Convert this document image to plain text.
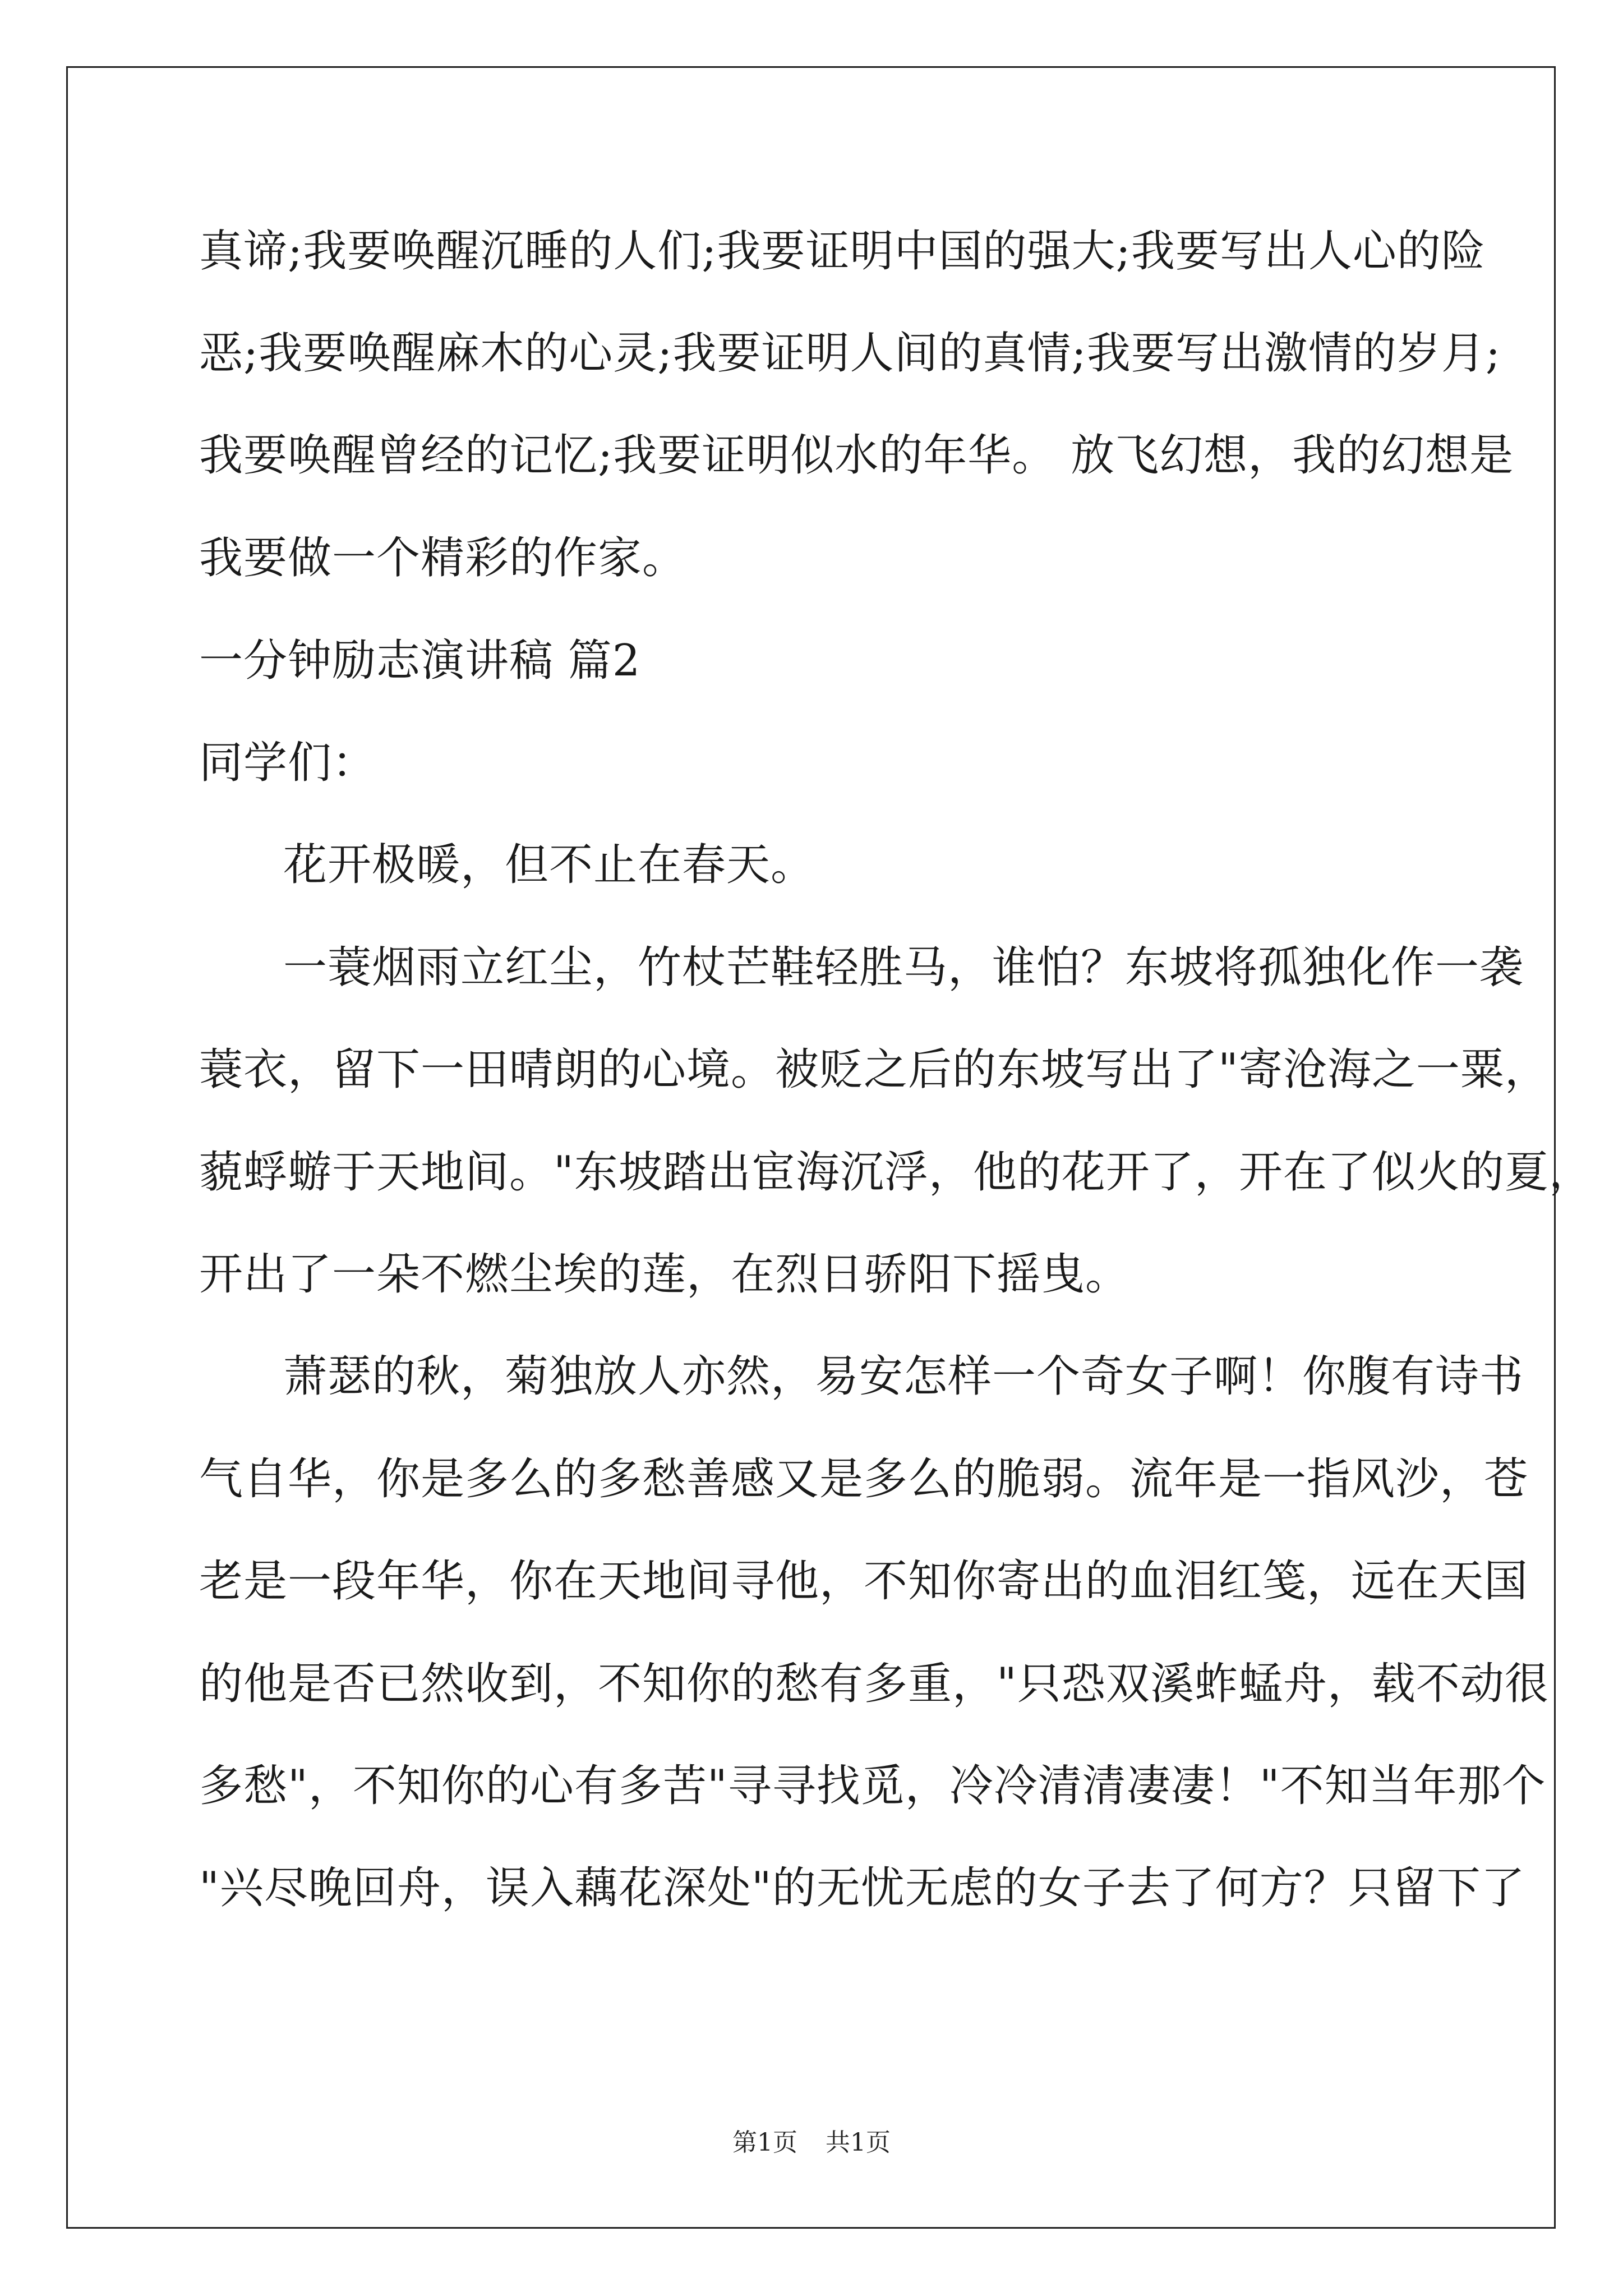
真谛;我要唤醒沉睡的人们;我要证明中国的强大;我要写出人心的险
恶;我要唤醒麻木的心灵;我要证明人间的真情;我要写出激情的岁月;
我要唤醒曾经的记忆;我要证明似水的年华。 放飞幻想，我的幻想是
我要做一个精彩的作家。
一分钟励志演讲稿 篇2
同学们：
花开极暖，但不止在春天。
一蓑烟雨立红尘，竹杖芒鞋轻胜马，谁怕？东坡将孤独化作一袭
蓑衣，留下一田晴朗的心境。被贬之后的东坡写出了"寄沧海之一粟，
藐蜉蝣于天地间。"东坡踏出宦海沉浮，他的花开了，开在了似火的夏，
开出了一朵不燃尘埃的莲，在烈日骄阳下摇曳。
萧瑟的秋，菊独放人亦然，易安怎样一个奇女子啊！你腹有诗书
气自华，你是多么的多愁善感又是多么的脆弱。流年是一指风沙，苍
老是一段年华，你在天地间寻他，不知你寄出的血泪红笺，远在天国
的他是否已然收到，不知你的愁有多重，"只恐双溪蚱蜢舟，载不动很
多愁"，不知你的心有多苦"寻寻找觅，冷冷清清凄凄！"不知当年那个
"兴尽晚回舟，误入藕花深处"的无忧无虑的女子去了何方？只留下了
第1页 共1页
